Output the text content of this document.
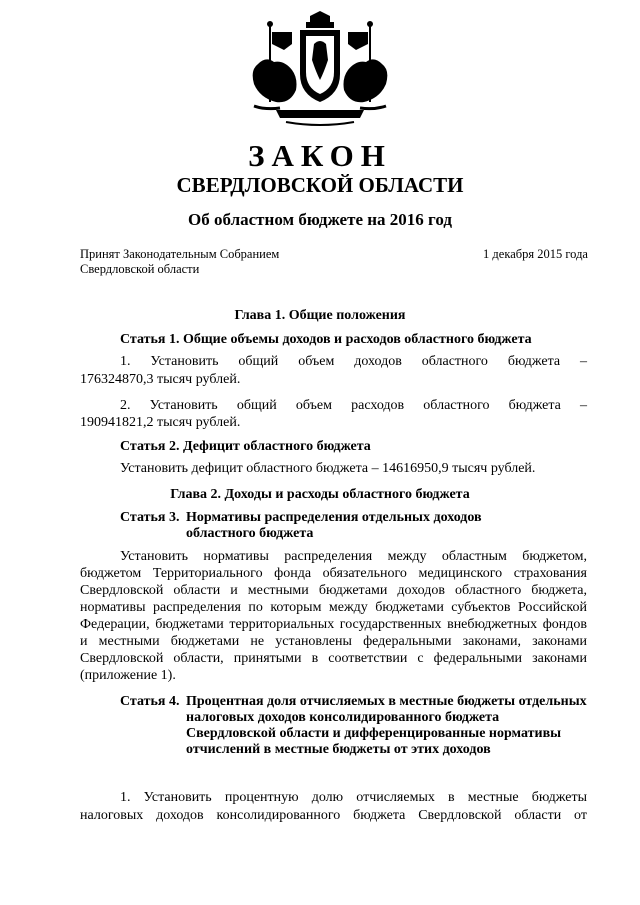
ЗАКОН
СВЕРДЛОВСКОЙ ОБЛАСТИ
Об областном бюджете на 2016 год
Принят Законодательным Собранием
Свердловской области
1 декабря 2015 года
Глава 1. Общие положения
Статья 1. Общие объемы доходов и расходов областного бюджета
1. Установить общий объем доходов областного бюджета –
176324870,3 тысяч рублей.
2. Установить общий объем расходов областного бюджета –
190941821,2 тысяч рублей.
Статья 2. Дефицит областного бюджета
Установить дефицит областного бюджета – 14616950,9 тысяч рублей.
Глава 2. Доходы и расходы областного бюджета
Статья 3. Нормативы распределения отдельных доходов
областного бюджета
Установить нормативы распределения между областным бюджетом, бюджетом Территориального фонда обязательного медицинского страхования Свердловской области и местными бюджетами доходов областного бюджета, нормативы распределения по которым между бюджетами субъектов Российской Федерации, бюджетами территориальных государственных внебюджетных фондов и местными бюджетами не установлены федеральными законами, законами Свердловской области, принятыми в соответствии с федеральными законами (приложение 1).
Статья 4. Процентная доля отчисляемых в местные бюджеты отдельных налоговых доходов консолидированного бюджета Свердловской области и дифференцированные нормативы отчислений в местные бюджеты от этих доходов
1. Установить процентную долю отчисляемых в местные бюджеты
налоговых доходов консолидированного бюджета Свердловской области от
